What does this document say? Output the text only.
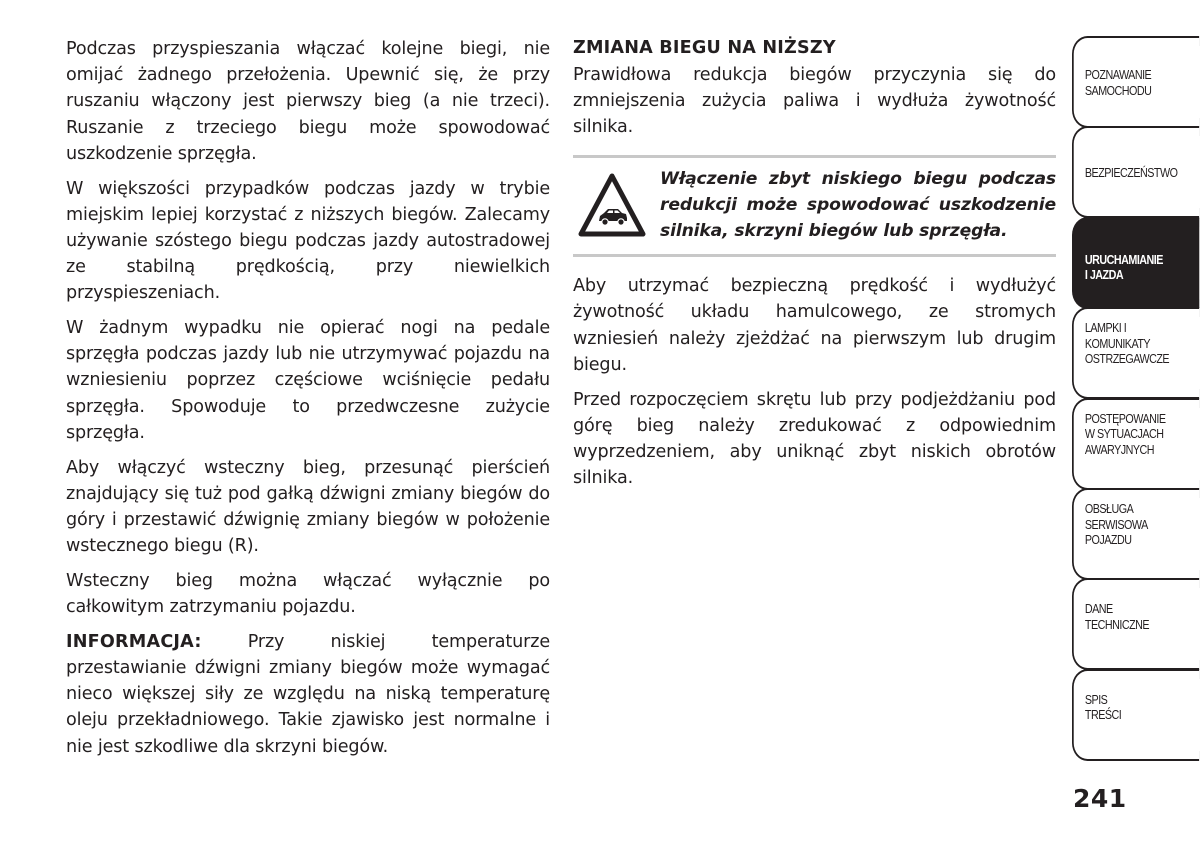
Podczas przyspieszania włączać kolejne biegi, nie omijać żadnego przełożenia. Upewnić się, że przy ruszaniu włączony jest pierwszy bieg (a nie trzeci). Ruszanie z trzeciego biegu może spowodować uszkodzenie sprzęgła.

W większości przypadków podczas jazdy w trybie miejskim lepiej korzystać z niższych biegów. Zalecamy używanie szóstego biegu podczas jazdy autostradowej ze stabilną prędkością, przy niewielkich przyspieszeniach.

W żadnym wypadku nie opierać nogi na pedale sprzęgła podczas jazdy lub nie utrzymywać pojazdu na wzniesieniu poprzez częściowe wciśnięcie pedału sprzęgła. Spowoduje to przedwczesne zużycie sprzęgła.

Aby włączyć wsteczny bieg, przesunąć pierścień znajdujący się tuż pod gałką dźwigni zmiany biegów do góry i przestawić dźwignię zmiany biegów w położenie wstecznego biegu (R).

Wsteczny bieg można włączać wyłącznie po całkowitym zatrzymaniu pojazdu.

INFORMACJA:	Przy niskiej temperaturze przestawianie dźwigni zmiany biegów może wymagać nieco większej siły ze względu na niską temperaturę oleju przekładniowego. Takie zjawisko jest normalne i nie jest szkodliwe dla skrzyni biegów.

ZMIANA BIEGU NA NIŻSZY

Prawidłowa redukcja biegów przyczynia się do zmniejszenia zużycia paliwa i wydłuża żywotność silnika.

Włączenie zbyt niskiego biegu podczas redukcji może spowodować uszkodzenie silnika, skrzyni biegów lub sprzęgła.

Aby utrzymać bezpieczną prędkość i wydłużyć żywotność układu hamulcowego, ze stromych wzniesień należy zjeżdżać na pierwszym lub drugim biegu.

Przed rozpoczęciem skrętu lub przy podjeżdżaniu pod górę bieg należy zredukować z odpowiednim wyprzedzeniem, aby uniknąć zbyt niskich obrotów silnika.

POZNAWANIE
SAMOCHODU
BEZPIECZEŃSTWO
URUCHAMIANIE
I JAZDA
LAMPKI I
KOMUNIKATY
OSTRZEGAWCZE
POSTĘPOWANIE
W SYTUACJACH
AWARYJNYCH
OBSŁUGA
SERWISOWA
POJAZDU
DANE
TECHNICZNE
SPIS
TREŚCI
241
